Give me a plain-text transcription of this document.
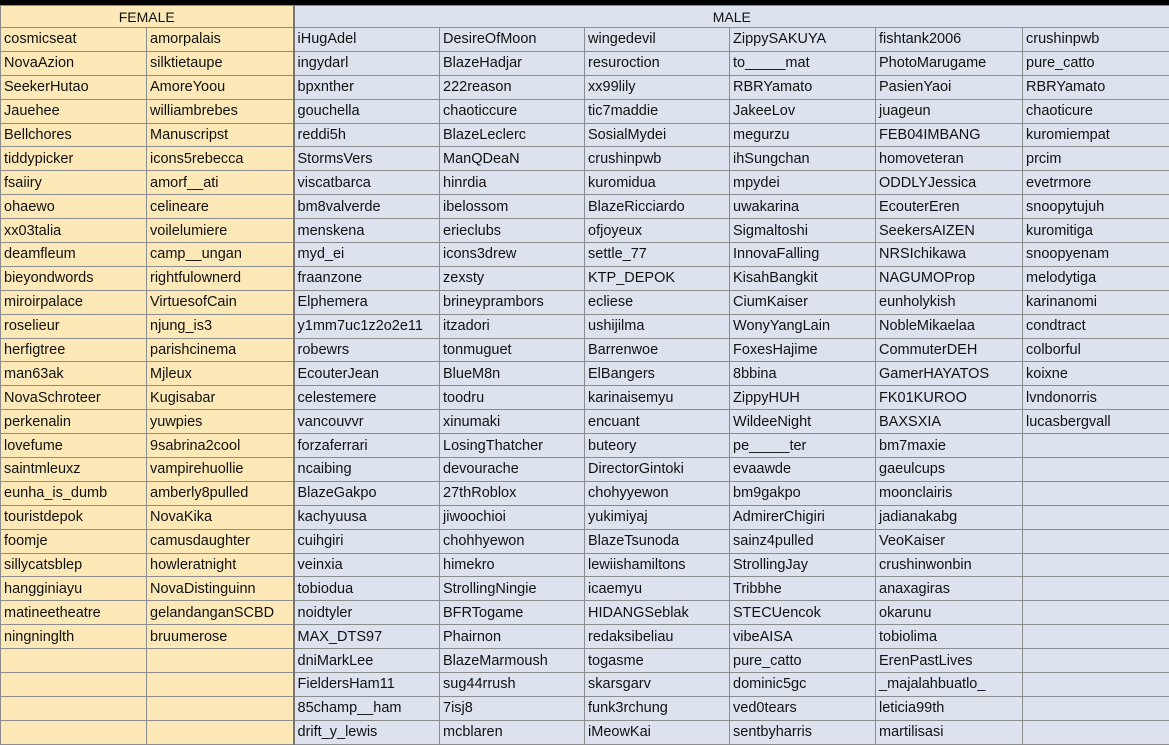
FEMALE		MALE					
cosmicseat	amorpalais	iHugAdel	DesireOfMoon	wingedevil	ZippySAKUYA	fishtank2006	crushinpwb
NovaAzion	silktietaupe	ingydarl	BlazeHadjar	resuroction	to_____mat	PhotoMarugame	pure_catto
SeekerHutao	AmoreYoou	bpxnther	222reason	xx99lily	RBRYamato	PasienYaoi	RBRYamato
Jauehee	williambrebes	gouchella	chaoticcure	tic7maddie	JakeeLov	juageun	chaoticure
Bellchores	Manuscripst	reddi5h	BlazeLeclerc	SosialMydei	megurzu	FEB04IMBANG	kuromiempat
tiddypicker	icons5rebecca	StormsVers	ManQDeaN	crushinpwb	ihSungchan	homoveteran	prcim
fsaiiry	amorf__ati	viscatbarca	hinrdia	kuromidua	mpydei	ODDLYJessica	evetrmore
ohaewo	celineare	bm8valverde	ibelossom	BlazeRicciardo	uwakarina	EcouterEren	snoopytujuh
xx03talia	voilelumiere	menskena	erieclubs	ofjoyeux	Sigmaltoshi	SeekersAIZEN	kuromitiga
deamfleum	camp__ungan	myd_ei	icons3drew	settle_77	InnovaFalling	NRSIchikawa	snoopyenam
bieyondwords	rightfulownerd	fraanzone	zexsty	KTP_DEPOK	KisahBangkit	NAGUMOProp	melodytiga
miroirpalace	VirtuesofCain	Elphemera	brineyprambors	ecliese	CiumKaiser	eunholykish	karinanomi
roselieur	njung_is3	y1mm7uc1z2o2e11	itzadori	ushijilma	WonyYangLain	NobleMikaelaa	condtract
herfigtree	parishcinema	robewrs	tonmuguet	Barrenwoe	FoxesHajime	CommuterDEH	colborful
man63ak	Mjleux	EcouterJean	BlueM8n	ElBangers	8bbina	GamerHAYATOS	koixne
NovaSchroteer	Kugisabar	celestemere	toodru	karinaisemyu	ZippyHUH	FK01KUROO	lvndonorris
perkenalin	yuwpies	vancouvvr	xinumaki	encuant	WildeeNight	BAXSXIA	lucasbergvall
lovefume	9sabrina2cool	forzaferrari	LosingThatcher	buteory	pe_____ter	bm7maxie	
saintmleuxz	vampirehuollie	ncaibing	devourache	DirectorGintoki	evaawde	gaeulcups	
eunha_is_dumb	amberly8pulled	BlazeGakpo	27thRoblox	chohyyewon	bm9gakpo	moonclairis	
touristdepok	NovaKika	kachyuusa	jiwoochioi	yukimiyaj	AdmirerChigiri	jadianakabg	
foomje	camusdaughter	cuihgiri	chohhyewon	BlazeTsunoda	sainz4pulled	VeoKaiser	
sillycatsblep	howleratnight	veinxia	himekro	lewiishamiltons	StrollingJay	crushinwonbin	
hangginiayu	NovaDistinguinn	tobiodua	StrollingNingie	icaemyu	Tribbhe	anaxagiras	
matineetheatre	gelandanganSCBD	noidtyler	BFRTogame	HIDANGSeblak	STECUencok	okarunu	
ningninglth	bruumerose	MAX_DTS97	Phairnon	redaksibeliau	vibeAISA	tobiolima	
		dniMarkLee	BlazeMarmoush	togasme	pure_catto	ErenPastLives	
		FieldersHam11	sug44rrush	skarsgarv	dominic5gc	_majalahbuatlo_	
		85champ__ham	7isj8	funk3rchung	ved0tears	leticia99th	
		drift_y_lewis	mcblaren	iMeowKai	sentbyharris	martilisasi	
